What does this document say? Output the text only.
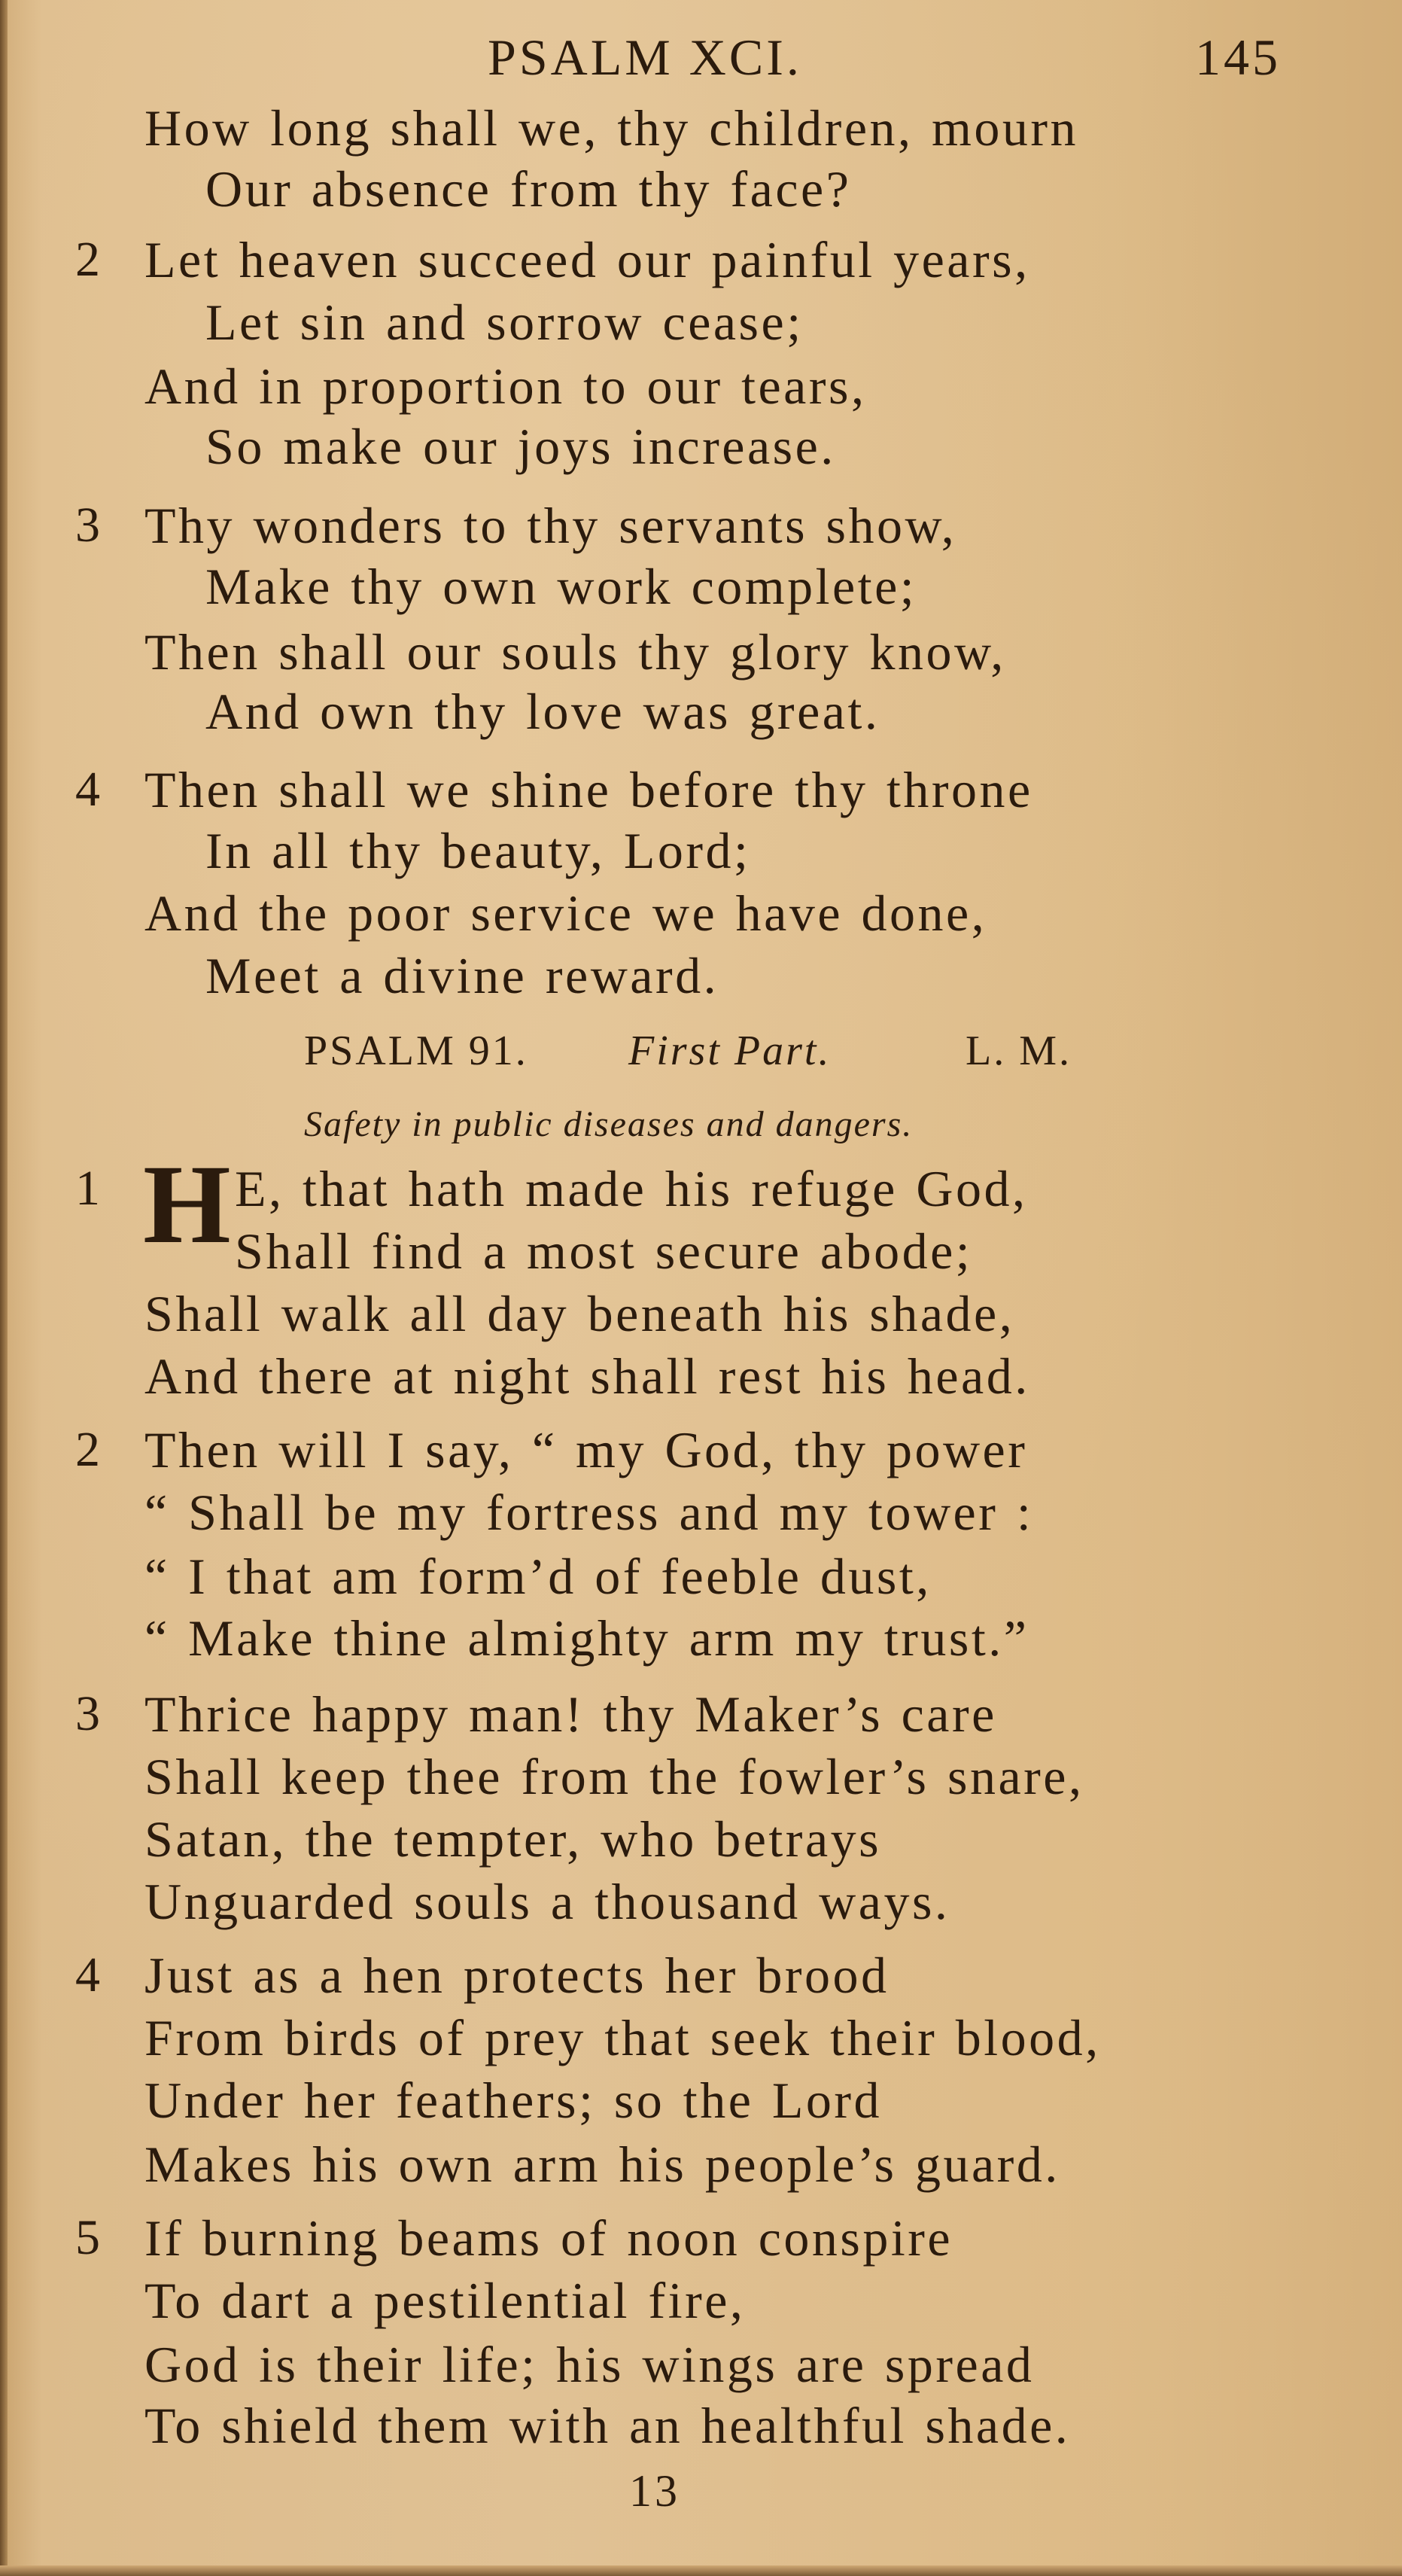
PSALM XCI.	145
How long shall we, thy children, mourn
Our absence from thy face?
2 Let heaven succeed our painful years,
Let sin and sorrow cease;
And in proportion to our tears,
So make our joys increase.
3 Thy wonders to thy servants show,
Make thy own work complete;
Then shall our souls thy glory know,
And own thy love was great.
4 Then shall we shine before thy throne
In all thy beauty, Lord;
And the poor service we have done,
Meet a divine reward.
PSALM 91. First Part.	L. M.
Safety in public diseases and dangers.
1 H E, that hath made his refuge God,
Shall find a most secure abode;
Shall walk all day beneath his shade,
And there at night shall rest his head.
2 Then will I say, “ my God, thy power
“ Shall be my fortress and my tower :
“ I that am form’d of feeble dust,
“ Make thine almighty arm my trust.”
3 Thrice happy man! thy Maker’s care
Shall keep thee from the fowler’s snare,
Satan, the tempter, who betrays
Unguarded souls a thousand ways.
4 Just as a hen protects her brood
From birds of prey that seek their blood,
Under her feathers; so the Lord
Makes his own arm his people’s guard.
5 If burning beams of noon conspire
To dart a pestilential fire,
God is their life; his wings are spread
To shield them with an healthful shade.
13
